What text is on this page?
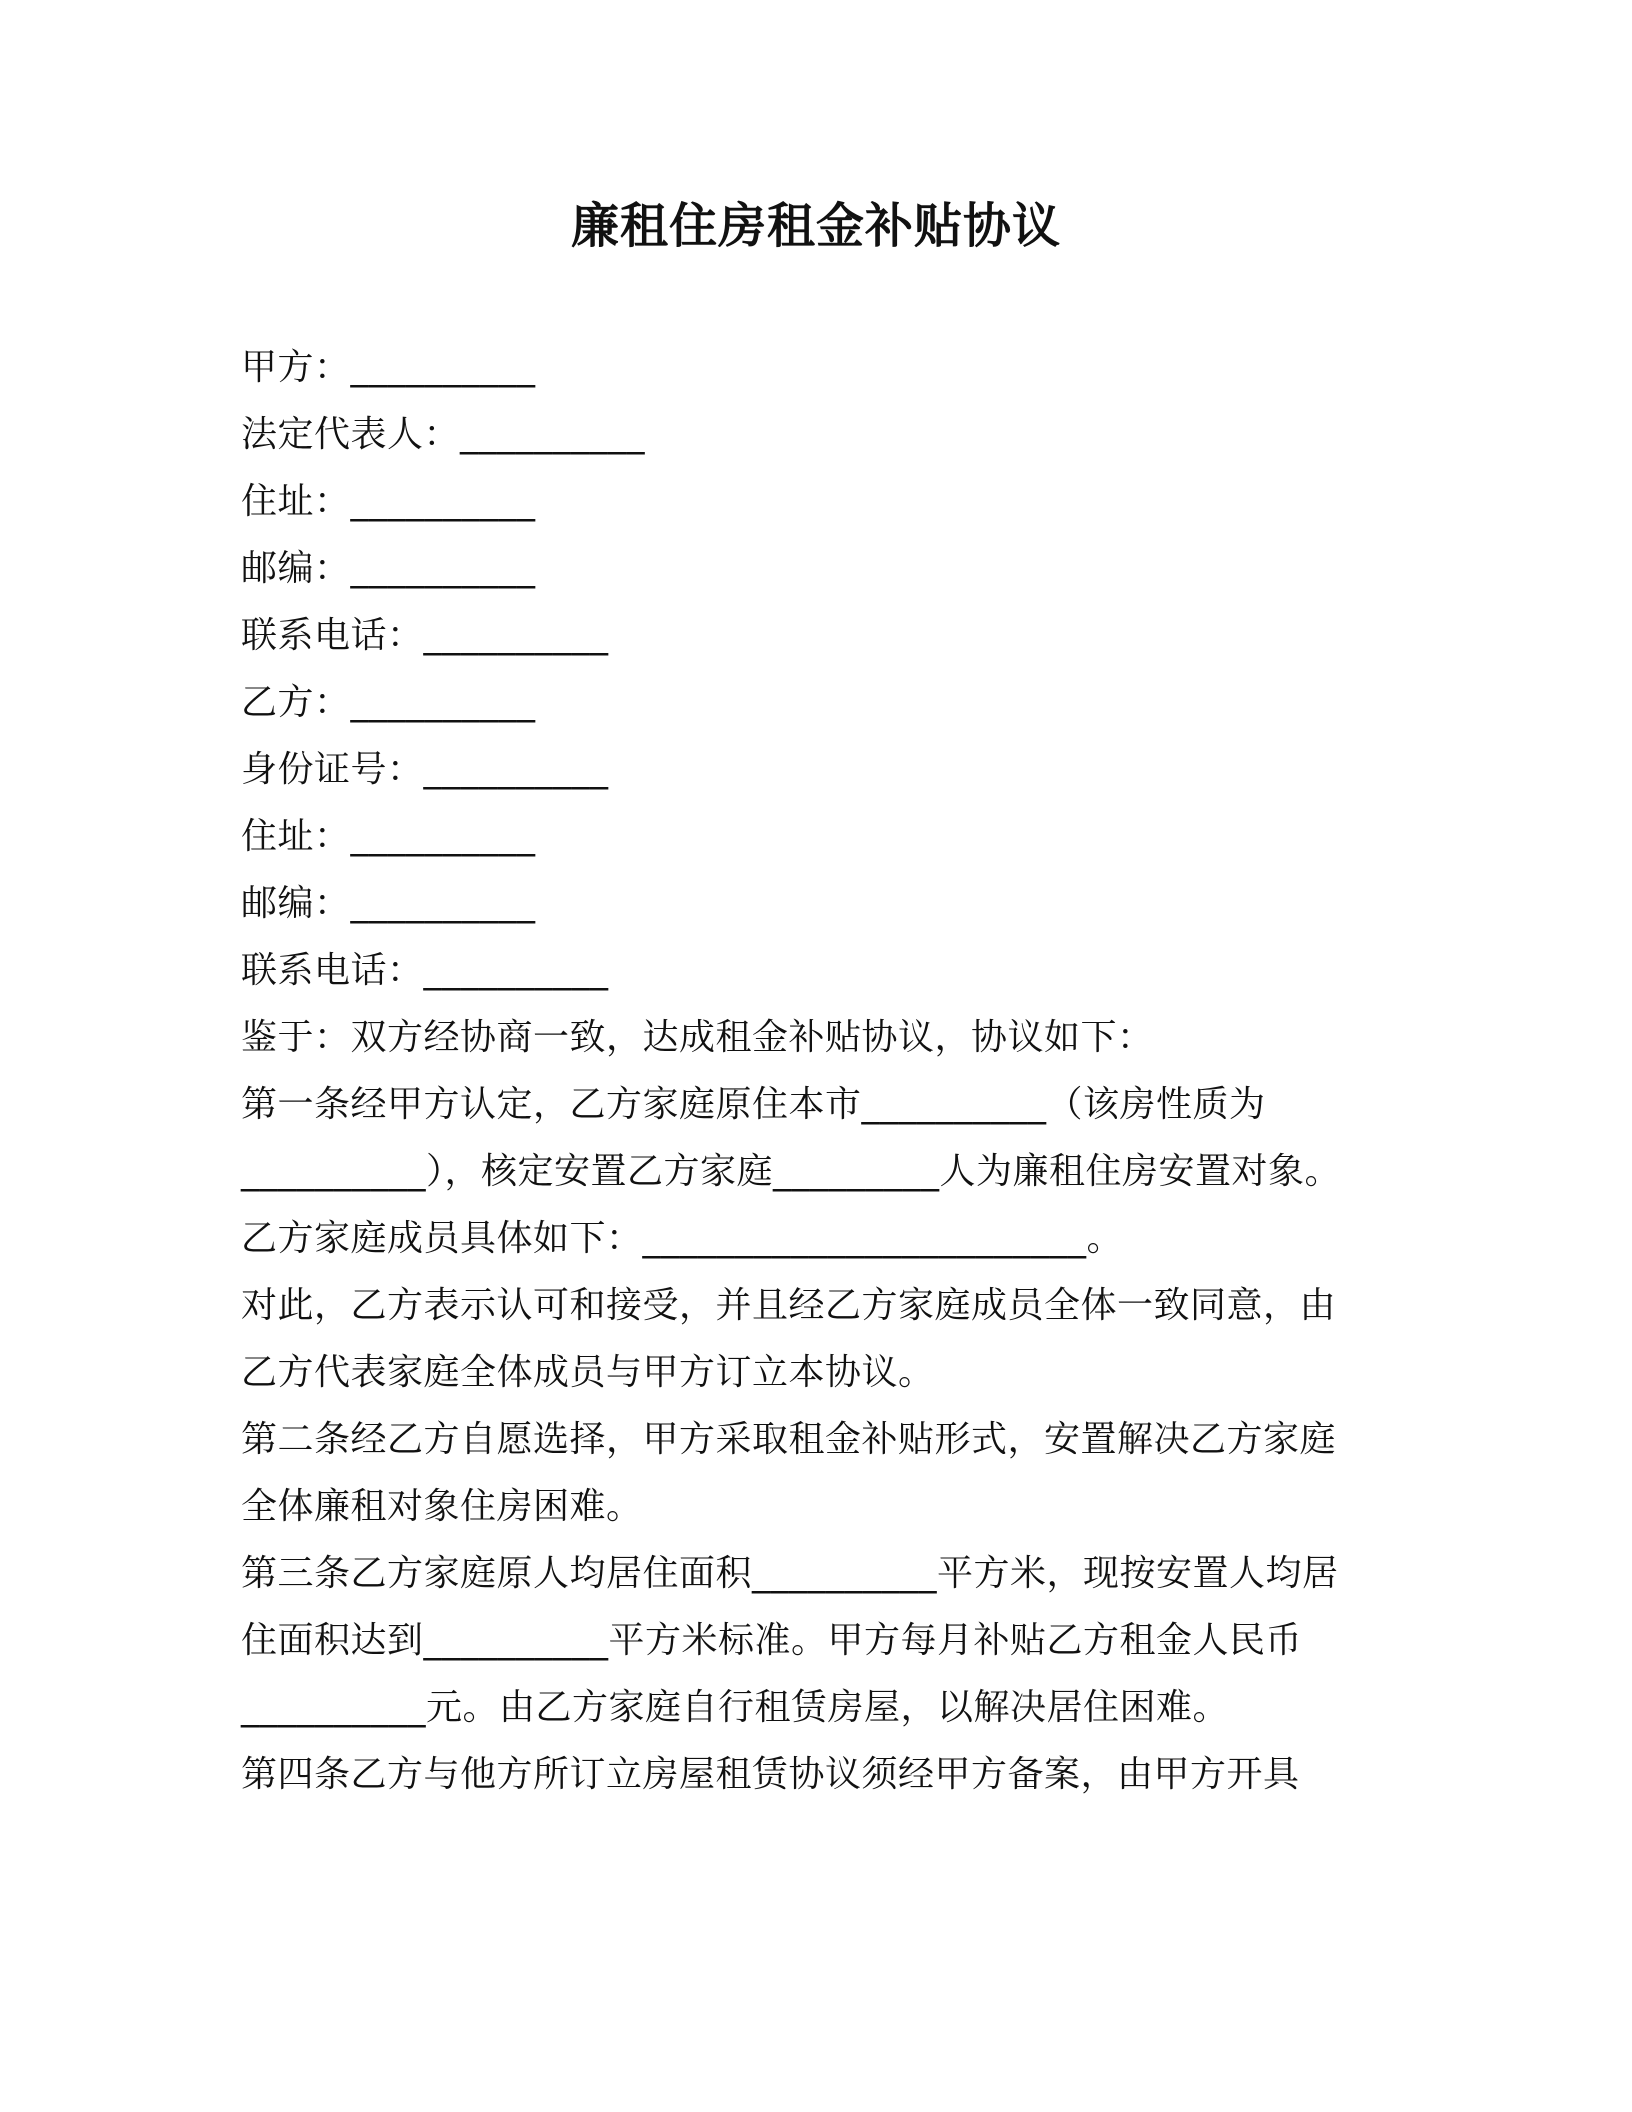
廉租住房租金补贴协议
甲方：__________
法定代表人：__________
住址：__________
邮编：__________
联系电话：__________
乙方：__________
身份证号：__________
住址：__________
邮编：__________
联系电话：__________
鉴于：双方经协商一致，达成租金补贴协议，协议如下：
第一条经甲方认定，乙方家庭原住本市__________（该房性质为
__________），核定安置乙方家庭_________人为廉租住房安置对象。
乙方家庭成员具体如下：________________________。
对此，乙方表示认可和接受，并且经乙方家庭成员全体一致同意，由
乙方代表家庭全体成员与甲方订立本协议。
第二条经乙方自愿选择，甲方采取租金补贴形式，安置解决乙方家庭
全体廉租对象住房困难。
第三条乙方家庭原人均居住面积__________平方米，现按安置人均居
住面积达到__________平方米标准。甲方每月补贴乙方租金人民币
__________元。由乙方家庭自行租赁房屋，以解决居住困难。
第四条乙方与他方所订立房屋租赁协议须经甲方备案，由甲方开具
